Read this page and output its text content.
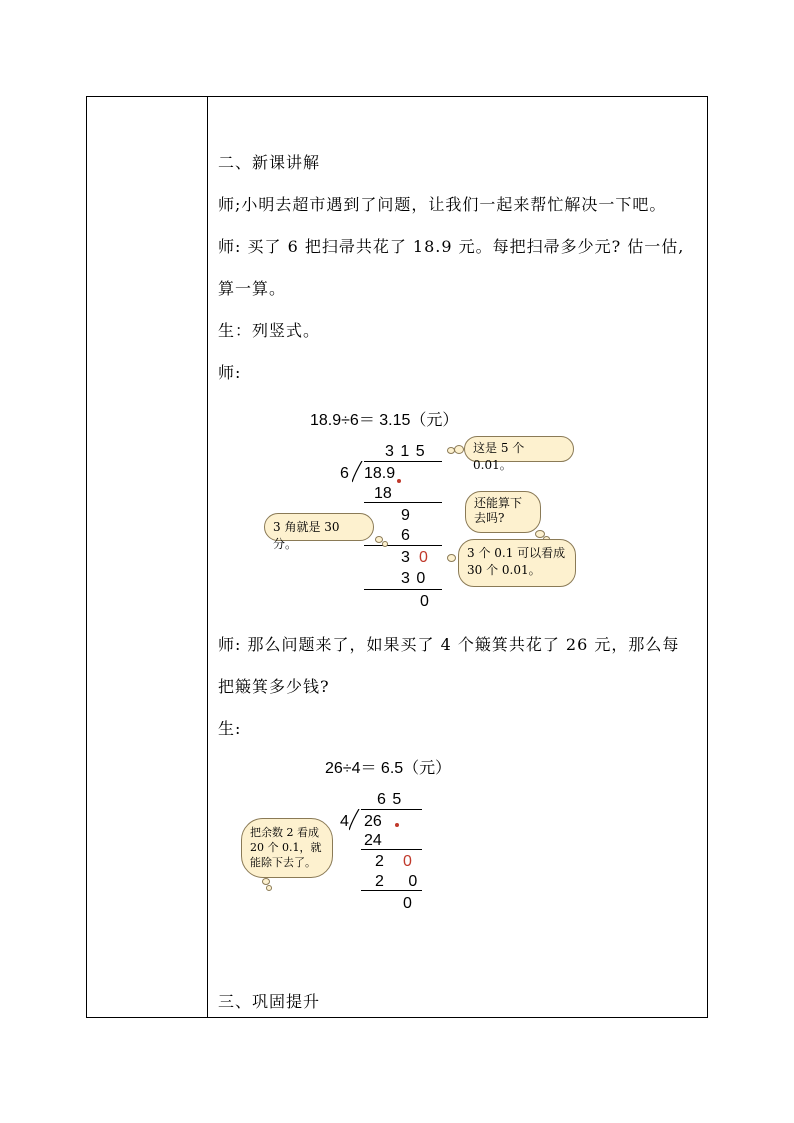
二、新课讲解
师;小明去超市遇到了问题，让我们一起来帮忙解决一下吧。
师: 买了 6 把扫帚共花了 18.9 元。每把扫帚多少元? 估一估,
算一算。
生：列竖式。
师:
18.9÷6＝ 3.15（元）
3 1 5
6 18.9
18
9
6
3 0
3 0
0
这是 5 个 0.01。
还能算下去吗?
3 角就是 30 分。
3 个 0.1 可以看成 30 个 0.01。
师: 那么问题来了，如果买了 4 个簸箕共花了 26 元，那么每
把簸箕多少钱?
生:
26÷4＝ 6.5（元）
6 5
4 26
24
2 0
2 0
0
把余数 2 看成 20 个 0.1，就能除下去了。
三、巩固提升
